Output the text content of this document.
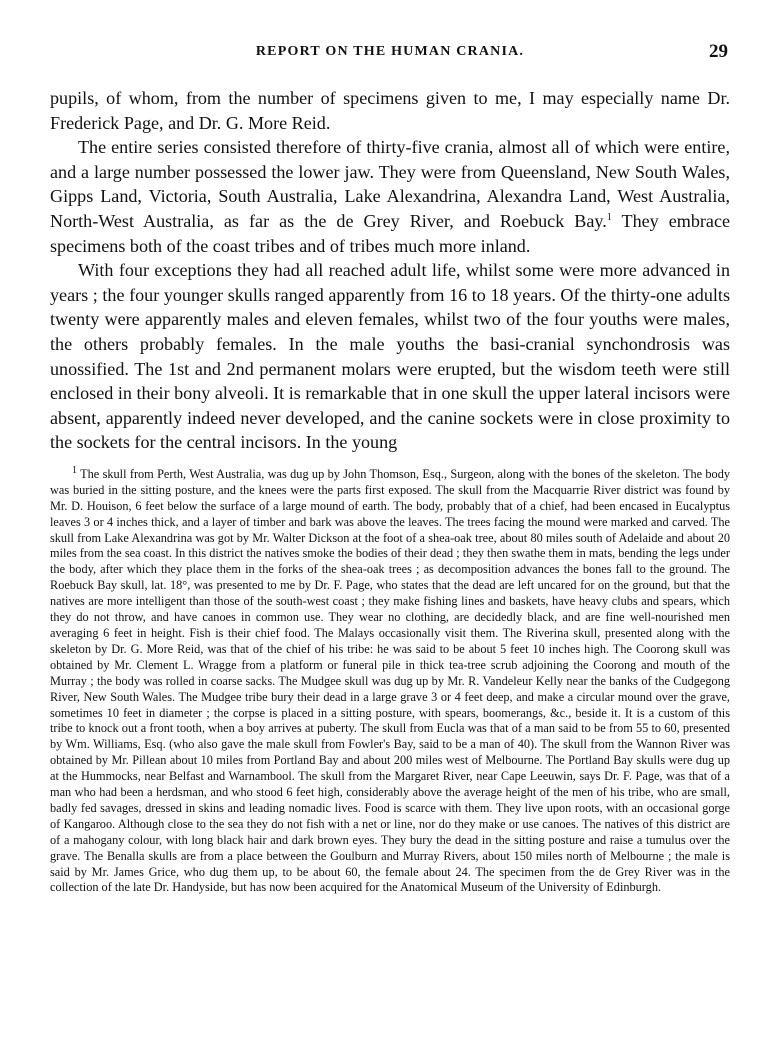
REPORT ON THE HUMAN CRANIA.	29

pupils, of whom, from the number of specimens given to me, I may especially name Dr. Frederick Page, and Dr. G. More Reid.

The entire series consisted therefore of thirty-five crania, almost all of which were entire, and a large number possessed the lower jaw. They were from Queensland, New South Wales, Gipps Land, Victoria, South Australia, Lake Alexandrina, Alexandra Land, West Australia, North-West Australia, as far as the de Grey River, and Roebuck Bay.$^1$ They embrace specimens both of the coast tribes and of tribes much more inland.

With four exceptions they had all reached adult life, whilst some were more advanced in years ; the four younger skulls ranged apparently from 16 to 18 years. Of the thirty-one adults twenty were apparently males and eleven females, whilst two of the four youths were males, the others probably females. In the male youths the basi-cranial synchondrosis was unossified. The 1st and 2nd permanent molars were erupted, but the wisdom teeth were still enclosed in their bony alveoli. It is remarkable that in one skull the upper lateral incisors were absent, apparently indeed never developed, and the canine sockets were in close proximity to the sockets for the central incisors. In the young

$^1$ The skull from Perth, West Australia, was dug up by John Thomson, Esq., Surgeon, along with the bones of the skeleton. The body was buried in the sitting posture, and the knees were the parts first exposed. The skull from the Macquarrie River district was found by Mr. D. Houison, 6 feet below the surface of a large mound of earth. The body, probably that of a chief, had been encased in Eucalyptus leaves 3 or 4 inches thick, and a layer of timber and bark was above the leaves. The trees facing the mound were marked and carved. The skull from Lake Alexandrina was got by Mr. Walter Dickson at the foot of a shea-oak tree, about 80 miles south of Adelaide and about 20 miles from the sea coast. In this district the natives smoke the bodies of their dead ; they then swathe them in mats, bending the legs under the body, after which they place them in the forks of the shea-oak trees ; as decomposition advances the bones fall to the ground. The Roebuck Bay skull, lat. 18°, was presented to me by Dr. F. Page, who states that the dead are left uncared for on the ground, but that the natives are more intelligent than those of the south-west coast ; they make fishing lines and baskets, have heavy clubs and spears, which they do not throw, and have canoes in common use. They wear no clothing, are decidedly black, and are fine well-nourished men averaging 6 feet in height. Fish is their chief food. The Malays occasionally visit them. The Riverina skull, presented along with the skeleton by Dr. G. More Reid, was that of the chief of his tribe: he was said to be about 5 feet 10 inches high. The Coorong skull was obtained by Mr. Clement L. Wragge from a platform or funeral pile in thick tea-tree scrub adjoining the Coorong and mouth of the Murray ; the body was rolled in coarse sacks. The Mudgee skull was dug up by Mr. R. Vandeleur Kelly near the banks of the Cudgegong River, New South Wales. The Mudgee tribe bury their dead in a large grave 3 or 4 feet deep, and make a circular mound over the grave, sometimes 10 feet in diameter ; the corpse is placed in a sitting posture, with spears, boomerangs, &c., beside it. It is a custom of this tribe to knock out a front tooth, when a boy arrives at puberty. The skull from Eucla was that of a man said to be from 55 to 60, presented by Wm. Williams, Esq. (who also gave the male skull from Fowler's Bay, said to be a man of 40). The skull from the Wannon River was obtained by Mr. Pillean about 10 miles from Portland Bay and about 200 miles west of Melbourne. The Portland Bay skulls were dug up at the Hummocks, near Belfast and Warnambool. The skull from the Margaret River, near Cape Leeuwin, says Dr. F. Page, was that of a man who had been a herdsman, and who stood 6 feet high, considerably above the average height of the men of his tribe, who are small, badly fed savages, dressed in skins and leading nomadic lives. Food is scarce with them. They live upon roots, with an occasional gorge of Kangaroo. Although close to the sea they do not fish with a net or line, nor do they make or use canoes. The natives of this district are of a mahogany colour, with long black hair and dark brown eyes. They bury the dead in the sitting posture and raise a tumulus over the grave. The Benalla skulls are from a place between the Goulburn and Murray Rivers, about 150 miles north of Melbourne ; the male is said by Mr. James Grice, who dug them up, to be about 60, the female about 24. The specimen from the de Grey River was in the collection of the late Dr. Handyside, but has now been acquired for the Anatomical Museum of the University of Edinburgh.
